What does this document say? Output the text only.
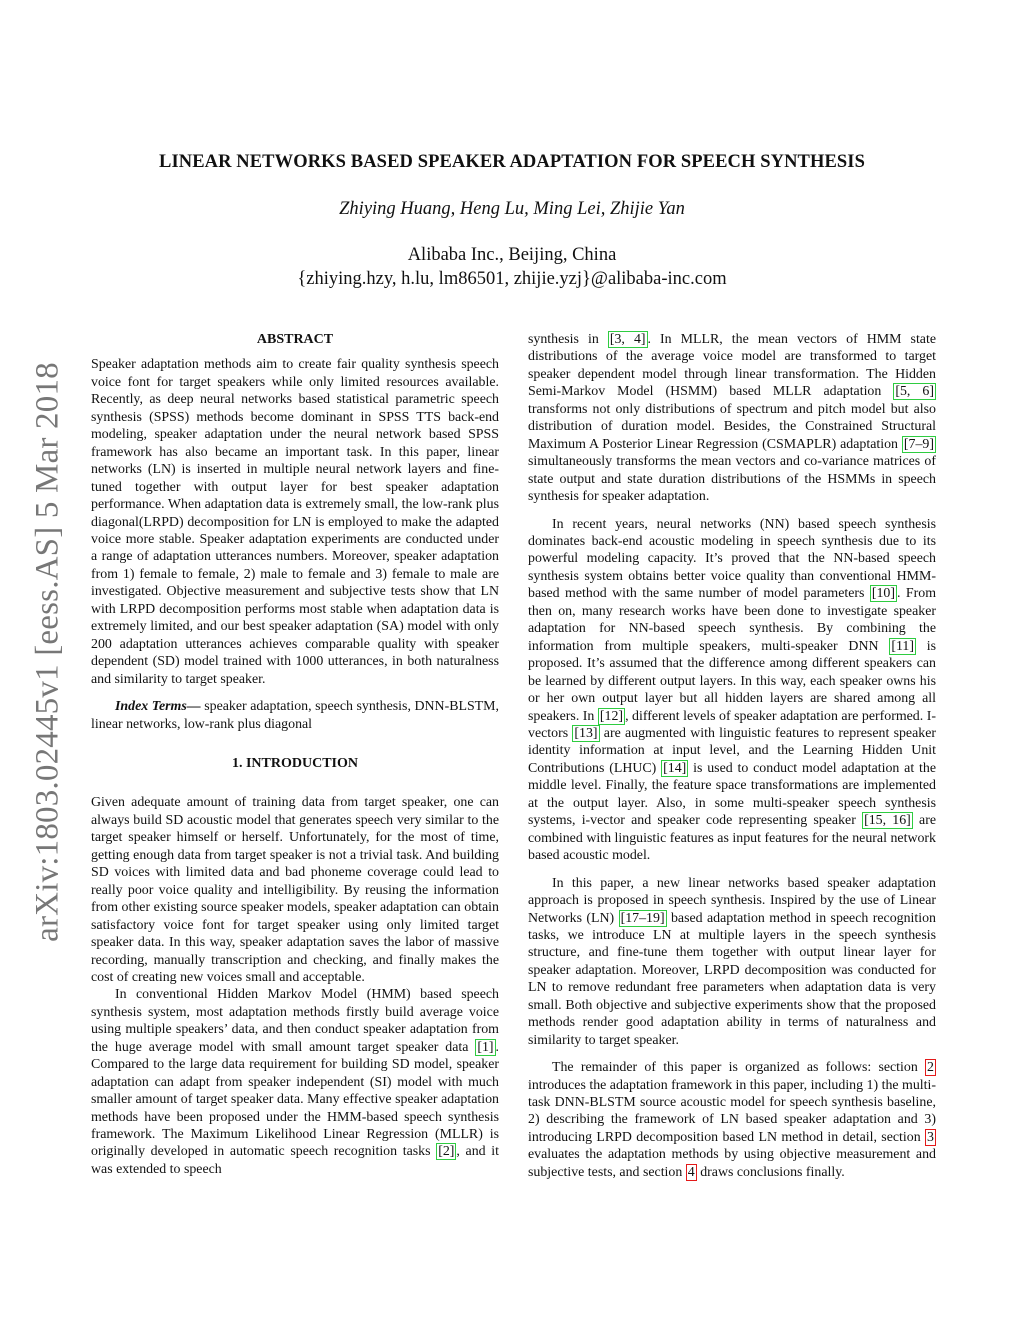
arXiv:1803.02445v1 [eess.AS] 5 Mar 2018
LINEAR NETWORKS BASED SPEAKER ADAPTATION FOR SPEECH SYNTHESIS
Zhiying Huang, Heng Lu, Ming Lei, Zhijie Yan
Alibaba Inc., Beijing, China
{zhiying.hzy, h.lu, lm86501, zhijie.yzj}@alibaba-inc.com
ABSTRACT

Speaker adaptation methods aim to create fair quality synthesis speech voice font for target speakers while only limited resources available. Recently, as deep neural networks based statistical parametric speech synthesis (SPSS) methods become dominant in SPSS TTS back-end modeling, speaker adaptation under the neural network based SPSS framework has also became an important task. In this paper, linear networks (LN) is inserted in multiple neural network layers and fine-tuned together with output layer for best speaker adaptation performance. When adaptation data is extremely small, the low-rank plus diagonal(LRPD) decomposition for LN is employed to make the adapted voice more stable. Speaker adaptation experiments are conducted under a range of adaptation utterances numbers. Moreover, speaker adaptation from 1) female to female, 2) male to female and 3) female to male are investigated. Objective measurement and subjective tests show that LN with LRPD decomposition performs most stable when adaptation data is extremely limited, and our best speaker adaptation (SA) model with only 200 adaptation utterances achieves comparable quality with speaker dependent (SD) model trained with 1000 utterances, in both naturalness and similarity to target speaker.

Index Terms— speaker adaptation, speech synthesis, DNN-BLSTM, linear networks, low-rank plus diagonal

1. INTRODUCTION

Given adequate amount of training data from target speaker, one can always build SD acoustic model that generates speech very similar to the target speaker himself or herself. Unfortunately, for the most of time, getting enough data from target speaker is not a trivial task. And building SD voices with limited data and bad phoneme coverage could lead to really poor voice quality and intelligibility. By reusing the information from other existing source speaker models, speaker adaptation can obtain satisfactory voice font for target speaker using only limited target speaker data. In this way, speaker adaptation saves the labor of massive recording, manually transcription and checking, and finally makes the cost of creating new voices small and acceptable.

In conventional Hidden Markov Model (HMM) based speech synthesis system, most adaptation methods firstly build average voice using multiple speakers’ data, and then conduct speaker adaptation from the huge average model with small amount target speaker data [1] . Compared to the large data requirement for building SD model, speaker adaptation can adapt from speaker independent (SI) model with much smaller amount of target speaker data. Many effective speaker adaptation methods have been proposed under the HMM-based speech synthesis framework. The Maximum Likelihood Linear Regression (MLLR) is originally developed in automatic speech recognition tasks [2] , and it was extended to speech

synthesis in [3, 4] . In MLLR, the mean vectors of HMM state distributions of the average voice model are transformed to target speaker dependent model through linear transformation. The Hidden Semi-Markov Model (HSMM) based MLLR adaptation [5, 6] transforms not only distributions of spectrum and pitch model but also distribution of duration model. Besides, the Constrained Structural Maximum A Posterior Linear Regression (CSMAPLR) adaptation [7–9] simultaneously transforms the mean vectors and co-variance matrices of state output and state duration distributions of the HSMMs in speech synthesis for speaker adaptation.

In recent years, neural networks (NN) based speech synthesis dominates back-end acoustic modeling in speech synthesis due to its powerful modeling capacity. It’s proved that the NN-based speech synthesis system obtains better voice quality than conventional HMM-based method with the same number of model parameters [10] . From then on, many research works have been done to investigate speaker adaptation for NN-based speech synthesis. By combining the information from multiple speakers, multi-speaker DNN [11] is proposed. It’s assumed that the difference among different speakers can be learned by different output layers. In this way, each speaker owns his or her own output layer but all hidden layers are shared among all speakers. In [12] , different levels of speaker adaptation are performed. I-vectors [13] are augmented with linguistic features to represent speaker identity information at input level, and the Learning Hidden Unit Contributions (LHUC) [14] is used to conduct model adaptation at the middle level. Finally, the feature space transformations are implemented at the output layer. Also, in some multi-speaker speech synthesis systems, i-vector and speaker code representing speaker [15, 16] are combined with linguistic features as input features for the neural network based acoustic model.

In this paper, a new linear networks based speaker adaptation approach is proposed in speech synthesis. Inspired by the use of Linear Networks (LN) [17–19] based adaptation method in speech recognition tasks, we introduce LN at multiple layers in the speech synthesis structure, and fine-tune them together with output linear layer for speaker adaptation. Moreover, LRPD decomposition was conducted for LN to remove redundant free parameters when adaptation data is very small. Both objective and subjective experiments show that the proposed methods render good adaptation ability in terms of naturalness and similarity to target speaker.

The remainder of this paper is organized as follows: section 2 introduces the adaptation framework in this paper, including 1) the multi-task DNN-BLSTM source acoustic model for speech synthesis baseline, 2) describing the framework of LN based speaker adaptation and 3) introducing LRPD decomposition based LN method in detail, section 3 evaluates the adaptation methods by using objective measurement and subjective tests, and section 4 draws conclusions finally.
